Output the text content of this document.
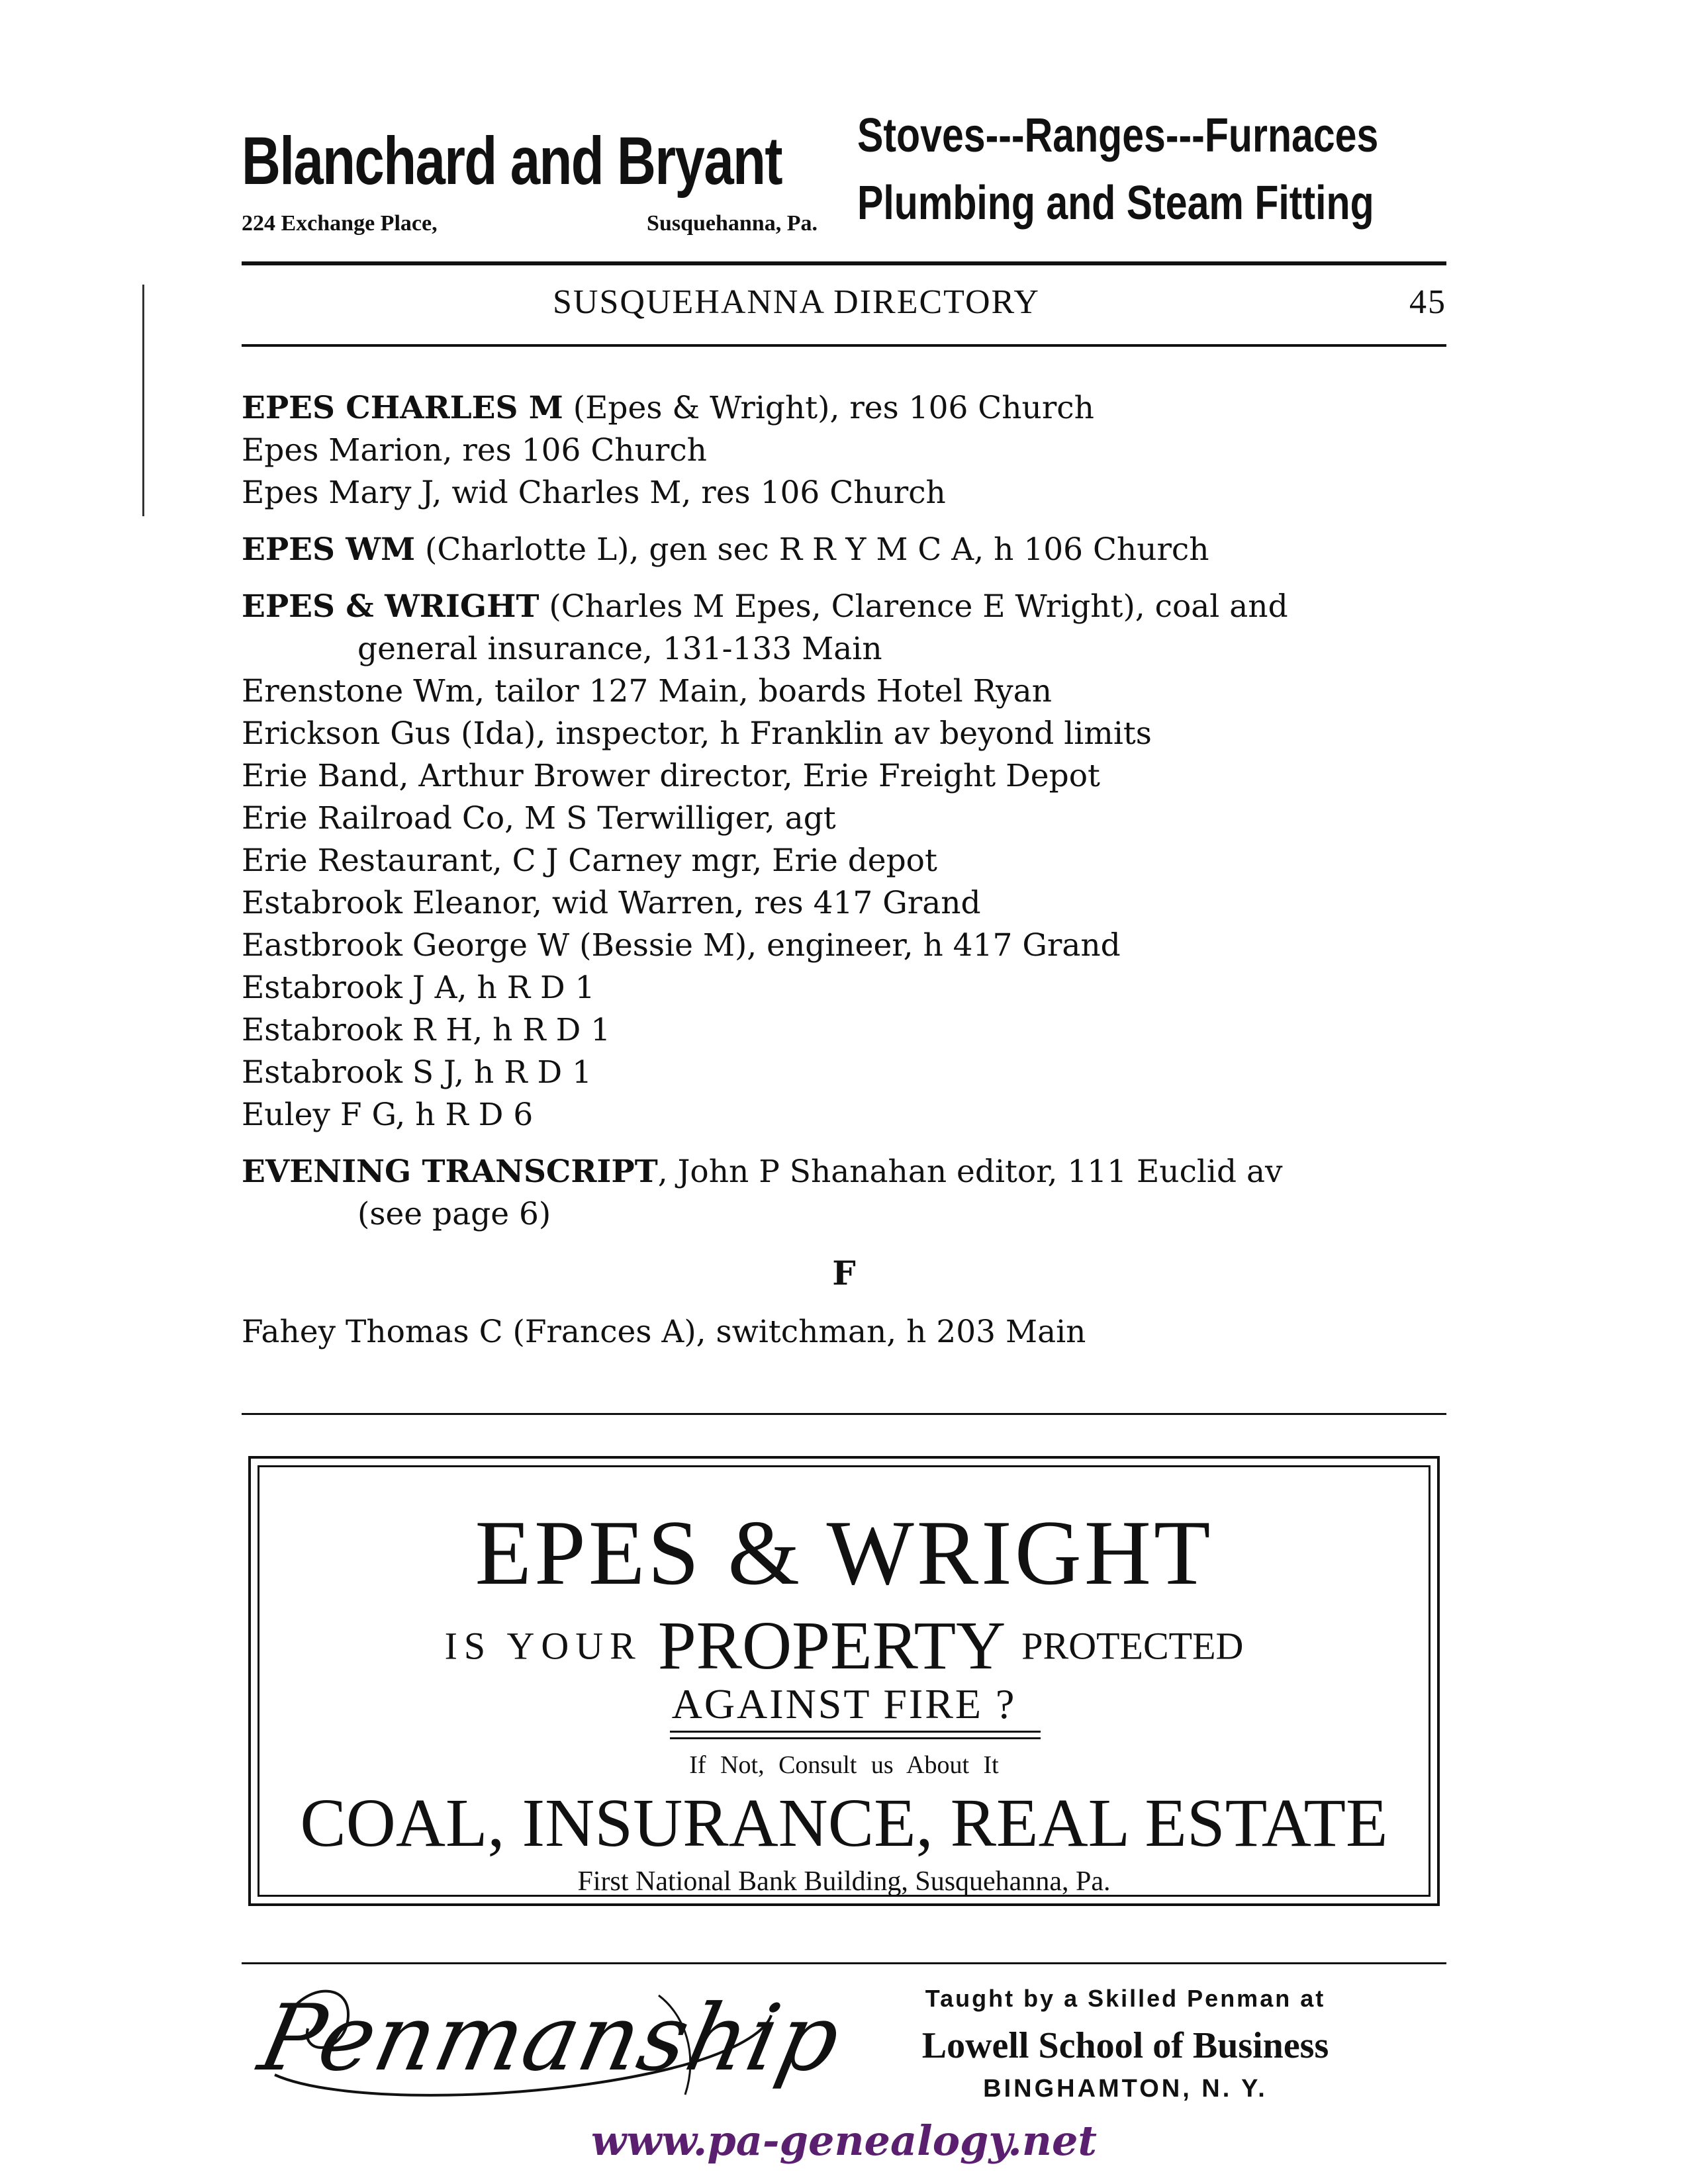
Blanchard and Bryant
224 Exchange Place,	Susquehanna, Pa.
Stoves---Ranges---Furnaces
Plumbing and Steam Fitting
SUSQUEHANNA DIRECTORY	45
EPES CHARLES M (Epes & Wright), res 106 Church
Epes Marion, res 106 Church
Epes Mary J, wid Charles M, res 106 Church
EPES WM (Charlotte L), gen sec R R Y M C A, h 106 Church
EPES & WRIGHT (Charles M Epes, Clarence E Wright), coal and
general insurance, 131-133 Main
Erenstone Wm, tailor 127 Main, boards Hotel Ryan
Erickson Gus (Ida), inspector, h Franklin av beyond limits
Erie Band, Arthur Brower director, Erie Freight Depot
Erie Railroad Co, M S Terwilliger, agt
Erie Restaurant, C J Carney mgr, Erie depot
Estabrook Eleanor, wid Warren, res 417 Grand
Eastbrook George W (Bessie M), engineer, h 417 Grand
Estabrook J A, h R D 1
Estabrook R H, h R D 1
Estabrook S J, h R D 1
Euley F G, h R D 6
EVENING TRANSCRIPT, John P Shanahan editor, 111 Euclid av
(see page 6)
F
Fahey Thomas C (Frances A), switchman, h 203 Main
EPES & WRIGHT
IS YOUR PROPERTY PROTECTED
AGAINST FIRE ?
If Not, Consult us About It
COAL, INSURANCE, REAL ESTATE
First National Bank Building, Susquehanna, Pa.
Penmanship	Taught by a Skilled Penman at
Lowell School of Business
BINGHAMTON, N. Y.
www.pa-genealogy.net
